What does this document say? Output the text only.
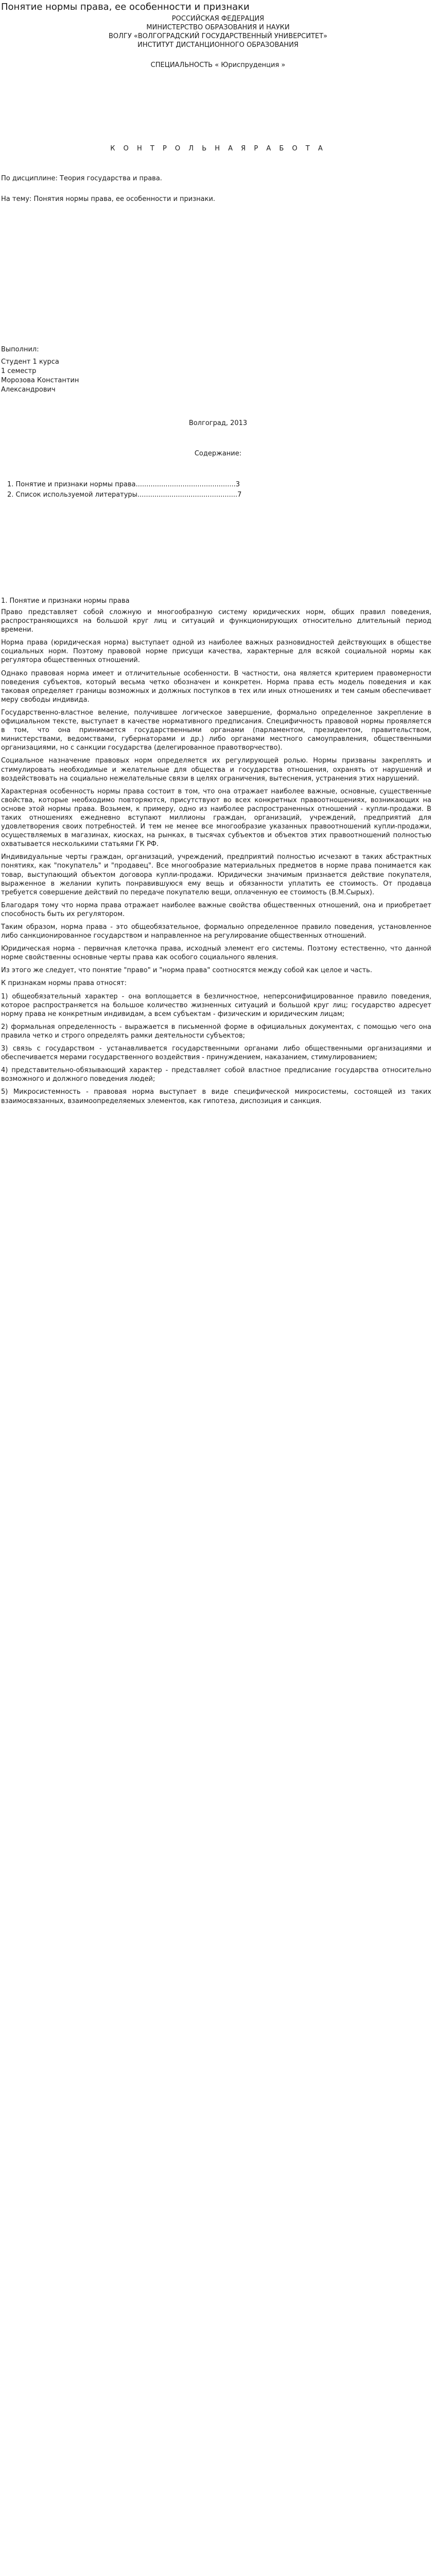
Понятие нормы права, ее особенности и признаки
РОССИЙСКАЯ ФЕДЕРАЦИЯ
МИНИСТЕРСТВО ОБРАЗОВАНИЯ И НАУКИ
ВОЛГУ «ВОЛГОГРАДСКИЙ ГОСУДАРСТВЕННЫЙ УНИВЕРСИТЕТ»
ИНСТИТУТ ДИСТАНЦИОННОГО ОБРАЗОВАНИЯ
СПЕЦИАЛЬНОСТЬ « Юриспруденция »
К О Н Т Р О Л Ь Н А Я Р А Б О Т А
По дисциплине: Теория государства и права.
На тему: Понятия нормы права, ее особенности и признаки.
Выполнил:
Студент 1 курса
1 семестр
Морозова Константин
Александрович
Волгоград, 2013
Содержание:
1. Понятие и признаки нормы права...............................................3
2. Список используемой литературы...............................................7
1. Понятие и признаки нормы права

Право представляет собой сложную и многообразную систему юридических норм, общих правил поведения, распространяющихся на большой круг лиц и ситуаций и функционирующих относительно длительный период времени.

Норма права (юридическая норма) выступает одной из наиболее важных разновидностей действующих в обществе социальных норм. Поэтому правовой норме присущи качества, характерные для всякой социальной нормы как регулятора общественных отношений.

Однако правовая норма имеет и отличительные особенности. В частности, она является критерием правомерности поведения субъектов, который весьма четко обозначен и конкретен. Норма права есть модель поведения и как таковая определяет границы возможных и должных поступков в тех или иных отношениях и тем самым обеспечивает меру свободы индивида.

Государственно-властное веление, получившее логическое завершение, формально определенное закрепление в официальном тексте, выступает в качестве нормативного предписания. Специфичность правовой нормы проявляется в том, что она принимается государственными органами (парламентом, президентом, правительством, министерствами, ведомствами, губернаторами и др.) либо органами местного самоуправления, общественными организациями, но с санкции государства (делегированное правотворчество).

Социальное назначение правовых норм определяется их регулирующей ролью. Нормы призваны закреплять и стимулировать необходимые и желательные для общества и государства отношения, охранять от нарушений и воздействовать на социально нежелательные связи в целях ограничения, вытеснения, устранения этих нарушений.

Характерная особенность нормы права состоит в том, что она отражает наиболее важные, основные, существенные свойства, которые необходимо повторяются, присутствуют во всех конкретных правоотношениях, возникающих на основе этой нормы права. Возьмем, к примеру, одно из наиболее распространенных отношений - купли-продажи. В таких отношениях ежедневно вступают миллионы граждан, организаций, учреждений, предприятий для удовлетворения своих потребностей. И тем не менее все многообразие указанных правоотношений купли-продажи, осуществляемых в магазинах, киосках, на рынках, в тысячах субъектов и объектов этих правоотношений полностью охватывается несколькими статьями ГК РФ.

Индивидуальные черты граждан, организаций, учреждений, предприятий полностью исчезают в таких абстрактных понятиях, как "покупатель" и "продавец". Все многообразие материальных предметов в норме права понимается как товар, выступающий объектом договора купли-продажи. Юридически значимым признается действие покупателя, выраженное в желании купить понравившуюся ему вещь и обязанности уплатить ее стоимость. От продавца требуется совершение действий по передаче покупателю вещи, оплаченную ее стоимость (В.М.Сырых).

Благодаря тому что норма права отражает наиболее важные свойства общественных отношений, она и приобретает способность быть их регулятором.

Таким образом, норма права - это общеобязательное, формально определенное правило поведения, установленное либо санкционированное государством и направленное на регулирование общественных отношений.

Юридическая норма - первичная клеточка права, исходный элемент его системы. Поэтому естественно, что данной норме свойственны основные черты права как особого социального явления.

Из этого же следует, что понятие "право" и "норма права" соотносятся между собой как целое и часть.

К признакам нормы права относят:

1) общеобязательный характер - она воплощается в безличностное, неперсонифицированное правило поведения, которое распространяется на большое количество жизненных ситуаций и большой круг лиц; государство адресует норму права не конкретным индивидам, а всем субъектам - физическим и юридическим лицам;

2) формальная определенность - выражается в письменной форме в официальных документах, с помощью чего она правила четко и строго определять рамки деятельности субъектов;

3) связь с государством - устанавливается государственными органами либо общественными организациями и обеспечивается мерами государственного воздействия - принуждением, наказанием, стимулированием;

4) представительно-обязывающий характер - представляет собой властное предписание государства относительно возможного и должного поведения людей;

5) Микросистемность - правовая норма выступает в виде специфической микросистемы, состоящей из таких взаимосвязанных, взаимоопределяемых элементов, как гипотеза, диспозиция и санкция.
